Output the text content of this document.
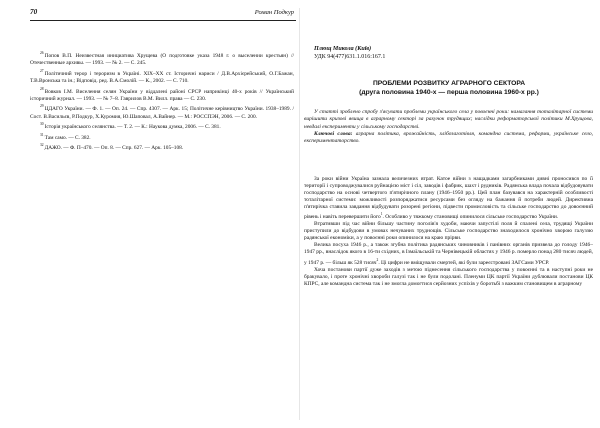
70	Роман Подкур

$^{26}$Попов В.П. Неизвестная инициатива Хрущева (О подготовке указа 1948 г. о выселении крестьян) // Отечественные архивы. — 1993. — № 2. — С. 245.

$^{27}$Політичний терор і тероризм в Україні. ХІХ–ХХ ст. Історичні нариси / Д.В.Архієрейський, О.Г.Бажан, Т.В.Вронська та ін.; Відповід. ред. В.А.Смолій. — К., 2002. — С. 710.

$^{28}$Вовков І.М. Виселення селян України у віддалені районі СРСР наприкінці 40-х років // Український історичний журнал. — 1993. — № 7–8. Гаврилов В.М. Вилл. права — С. 230.

$^{29}$ЦДАГО України. — Ф. 1. — Оп. 24. — Спр. 4307. — Арк. 15; Політичне керівництво України. 1938–1989. / Сост. В.Васильєв, Р.Подкур, Х.Куромия, Ю.Шаповал, А.Вайнер. — М.: РОССПЭН, 2006. — С. 200.

$^{30}$Історія українського селянства. — Т. 2. — К.: Наукова думка, 2006. — С. 381.

$^{31}$Там само. — С. 382.

$^{32}$ДАЖО. — Ф. П–470. — Оп. 8. — Спр. 627. — Арк. 105–108.

Плющ Микола (Київ)
УДК 94(477)631.1.016:167.1
ПРОБЛЕМИ РОЗВИТКУ АГРАРНОГО СЕКТОРА
(друга половина 1940-х — перша половина 1960-х рр.)

У статті зроблено спробу з'ясувати проблеми українського села у повоєнні роки: намагання тоталітарної системи вирішити кризові явища в аграрному секторі за рахунок трудящих; наслідки реформаторської політики М.Хрущова, невдалі експерименти у сільському господарстві.

Ключові слова: аграрна політика, врожайність, хлібозаготівля, командна система, реформи, українське село, експериментаторство.

За роки війни Україна зазнала величезних втрат. Катое війни з нащадками загарбниками дивні проносився по її території і супроводжувалися руйнацією міст і сіл, заводів і фабрик, шахт і рудників. Радянська влада почала відбудовувати господарство на основі четвертого п'ятирічного плану (1946–1950 рр.). Цей план базувався на характерній особливості тоталітарної системи: можливості розпоряджатися ресурсами без огляду на бажання й потреби людей. Директивна п'ятирічка ставила завдання відбудувати розорені регіони, підвести промисловість та сільське господарство до довоєнний рівень і навіть перевершити його$^1$. Особливо у тяжкому становищі опинилося сільське господарство України.

Втративши під час війни більшу частину поголів'я худоби, маючи запустілі поля й спалені села, трудящі України приступили до відбудови в умовах нечуваних труднощів. Сільське господарство знаходилося хронічно хворою галуззю радянської економіки, а у повоєнні роки опинилося на краю прірви.

Велика посуха 1946 р., а також згубна політика радянських чиновників і панівних органів призвела до голоду 1946–1947 рр., внаслідок якого в 16-ти східних, в Ізмаїльській та Чернівецькій областях у 1946 р. померло понад 280 тисяч людей, у 1947 р. — більш як 528 тисяч$^2$. Ці цифри не вміщували смертей, які були зареєстровані ЗАГСами УРСР.

Хоча постанови партії дуже заходів з метою піднесення сільського господарства у повоєнні та в наступні роки не бракувало, і проте хронічні хвороби галузі так і не були подолані. Пленуми ЦК партії України дублювали постанови ЦК КПРС, але командна система так і не змогла домогтися серйозних успіхів у боротьбі з важким становищем в аграрному
